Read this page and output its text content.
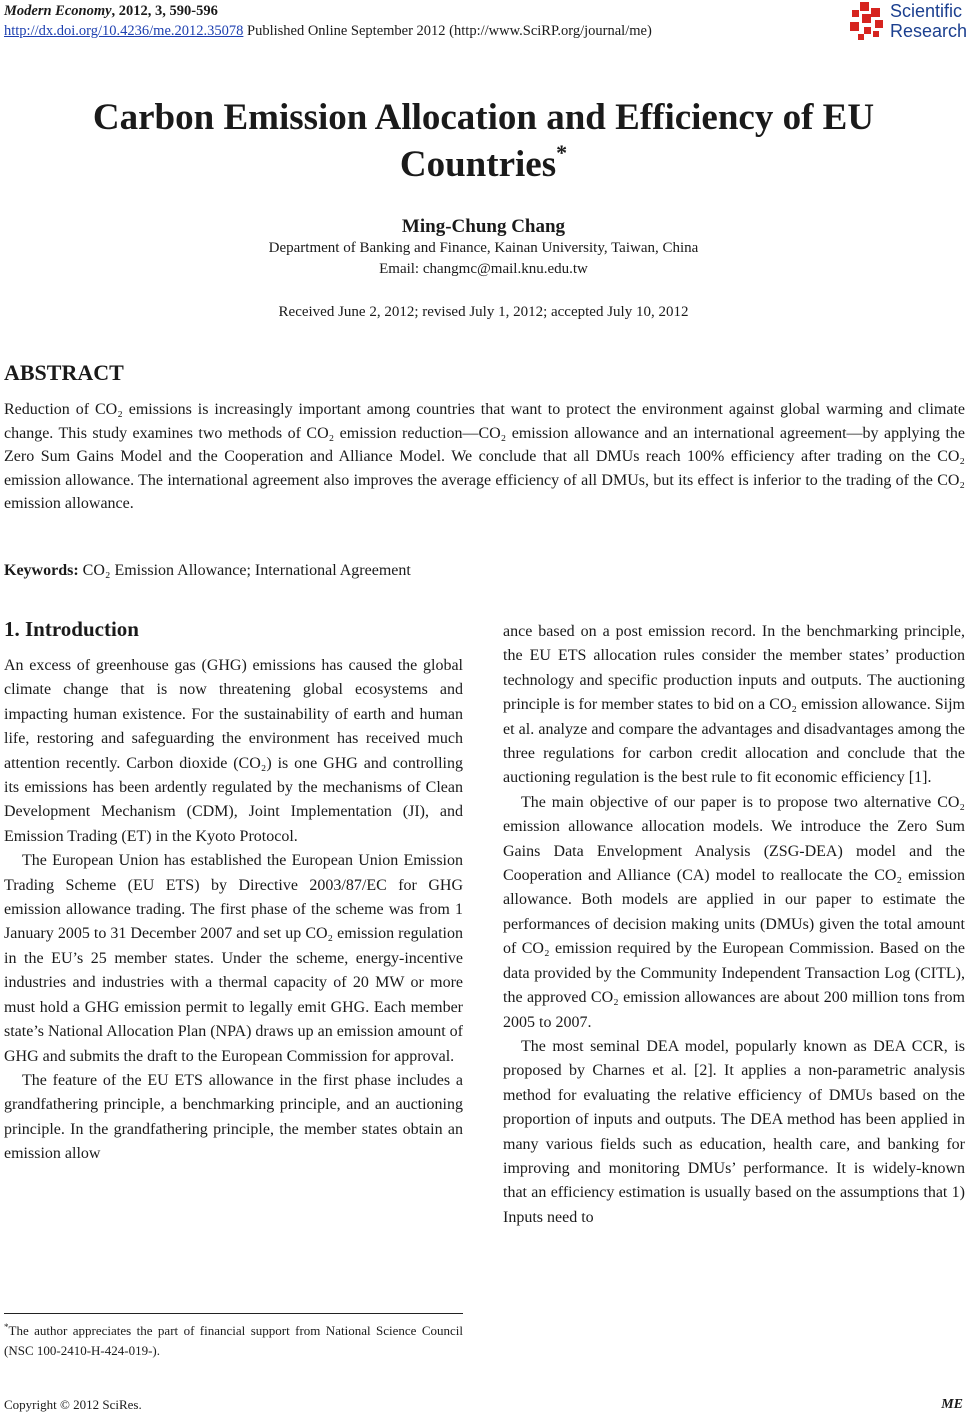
Modern Economy, 2012, 3, 590-596
http://dx.doi.org/10.4236/me.2012.35078 Published Online September 2012 (http://www.SciRP.org/journal/me)
Scientific
Research
Carbon Emission Allocation and Efficiency of EU
Countries*
Ming-Chung Chang
Department of Banking and Finance, Kainan University, Taiwan, China
Email: changmc@mail.knu.edu.tw
Received June 2, 2012; revised July 1, 2012; accepted July 10, 2012
ABSTRACT
Reduction of CO₂ emissions is increasingly important among countries that want to protect the environment against global warming and climate change. This study examines two methods of CO₂ emission reduction—CO₂ emission allowance and an international agreement—by applying the Zero Sum Gains Model and the Cooperation and Alliance Model. We conclude that all DMUs reach 100% efficiency after trading on the CO₂ emission allowance. The international agreement also improves the average efficiency of all DMUs, but its effect is inferior to the trading of the CO₂ emission allowance.
Keywords: CO₂ Emission Allowance; International Agreement
1. Introduction

An excess of greenhouse gas (GHG) emissions has caused the global climate change that is now threatening global ecosystems and impacting human existence. For the sustainability of earth and human life, restoring and safeguarding the environment has received much attention recently. Carbon dioxide (CO₂) is one GHG and controlling its emissions has been ardently regulated by the mechanisms of Clean Development Mechanism (CDM), Joint Implementation (JI), and Emission Trading (ET) in the Kyoto Protocol.

The European Union has established the European Union Emission Trading Scheme (EU ETS) by Directive 2003/87/EC for GHG emission allowance trading. The first phase of the scheme was from 1 January 2005 to 31 December 2007 and set up CO₂ emission regulation in the EU’s 25 member states. Under the scheme, energy-incentive industries and industries with a thermal capacity of 20 MW or more must hold a GHG emission permit to legally emit GHG. Each member state’s National Allocation Plan (NPA) draws up an emission amount of GHG and submits the draft to the European Commission for approval.

The feature of the EU ETS allowance in the first phase includes a grandfathering principle, a benchmarking principle, and an auctioning principle. In the grandfathering principle, the member states obtain an emission allow

ance based on a post emission record. In the benchmarking principle, the EU ETS allocation rules consider the member states’ production technology and specific production inputs and outputs. The auctioning principle is for member states to bid on a CO₂ emission allowance. Sijm et al. analyze and compare the advantages and disadvantages among the three regulations for carbon credit allocation and conclude that the auctioning regulation is the best rule to fit economic efficiency [1].

The main objective of our paper is to propose two alternative CO₂ emission allowance allocation models. We introduce the Zero Sum Gains Data Envelopment Analysis (ZSG-DEA) model and the Cooperation and Alliance (CA) model to reallocate the CO₂ emission allowance. Both models are applied in our paper to estimate the performances of decision making units (DMUs) given the total amount of CO₂ emission required by the European Commission. Based on the data provided by the Community Independent Transaction Log (CITL), the approved CO₂ emission allowances are about 200 million tons from 2005 to 2007.

The most seminal DEA model, popularly known as DEA CCR, is proposed by Charnes et al. [2]. It applies a non-parametric analysis method for evaluating the relative efficiency of DMUs based on the proportion of inputs and outputs. The DEA method has been applied in many various fields such as education, health care, and banking for improving and monitoring DMUs’ performance. It is widely-known that an efficiency estimation is usually based on the assumptions that 1) Inputs need to

*The author appreciates the part of financial support from National Science Council (NSC 100-2410-H-424-019-).
Copyright © 2012 SciRes.	ME
